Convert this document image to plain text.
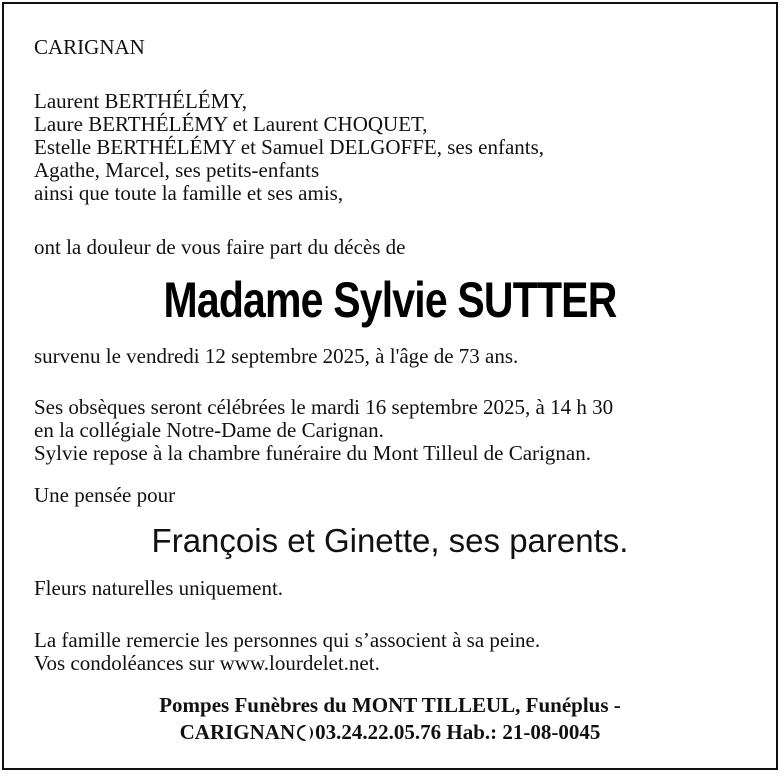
CARIGNAN
Laurent BERTHÉLÉMY,
Laure BERTHÉLÉMY et Laurent CHOQUET,
Estelle BERTHÉLÉMY et Samuel DELGOFFE, ses enfants,
Agathe, Marcel, ses petits-enfants
ainsi que toute la famille et ses amis,
ont la douleur de vous faire part du décès de
Madame Sylvie SUTTER
survenu le vendredi 12 septembre 2025, à l'âge de 73 ans.
Ses obsèques seront célébrées le mardi 16 septembre 2025, à 14 h 30
en la collégiale Notre-Dame de Carignan.
Sylvie repose à la chambre funéraire du Mont Tilleul de Carignan.
Une pensée pour
François et Ginette, ses parents.
Fleurs naturelles uniquement.
La famille remercie les personnes qui s’associent à sa peine.
Vos condoléances sur www.lourdelet.net.
Pompes Funèbres du MONT TILLEUL, Funéplus -
CARIGNAN 03.24.22.05.76 Hab.: 21-08-0045
